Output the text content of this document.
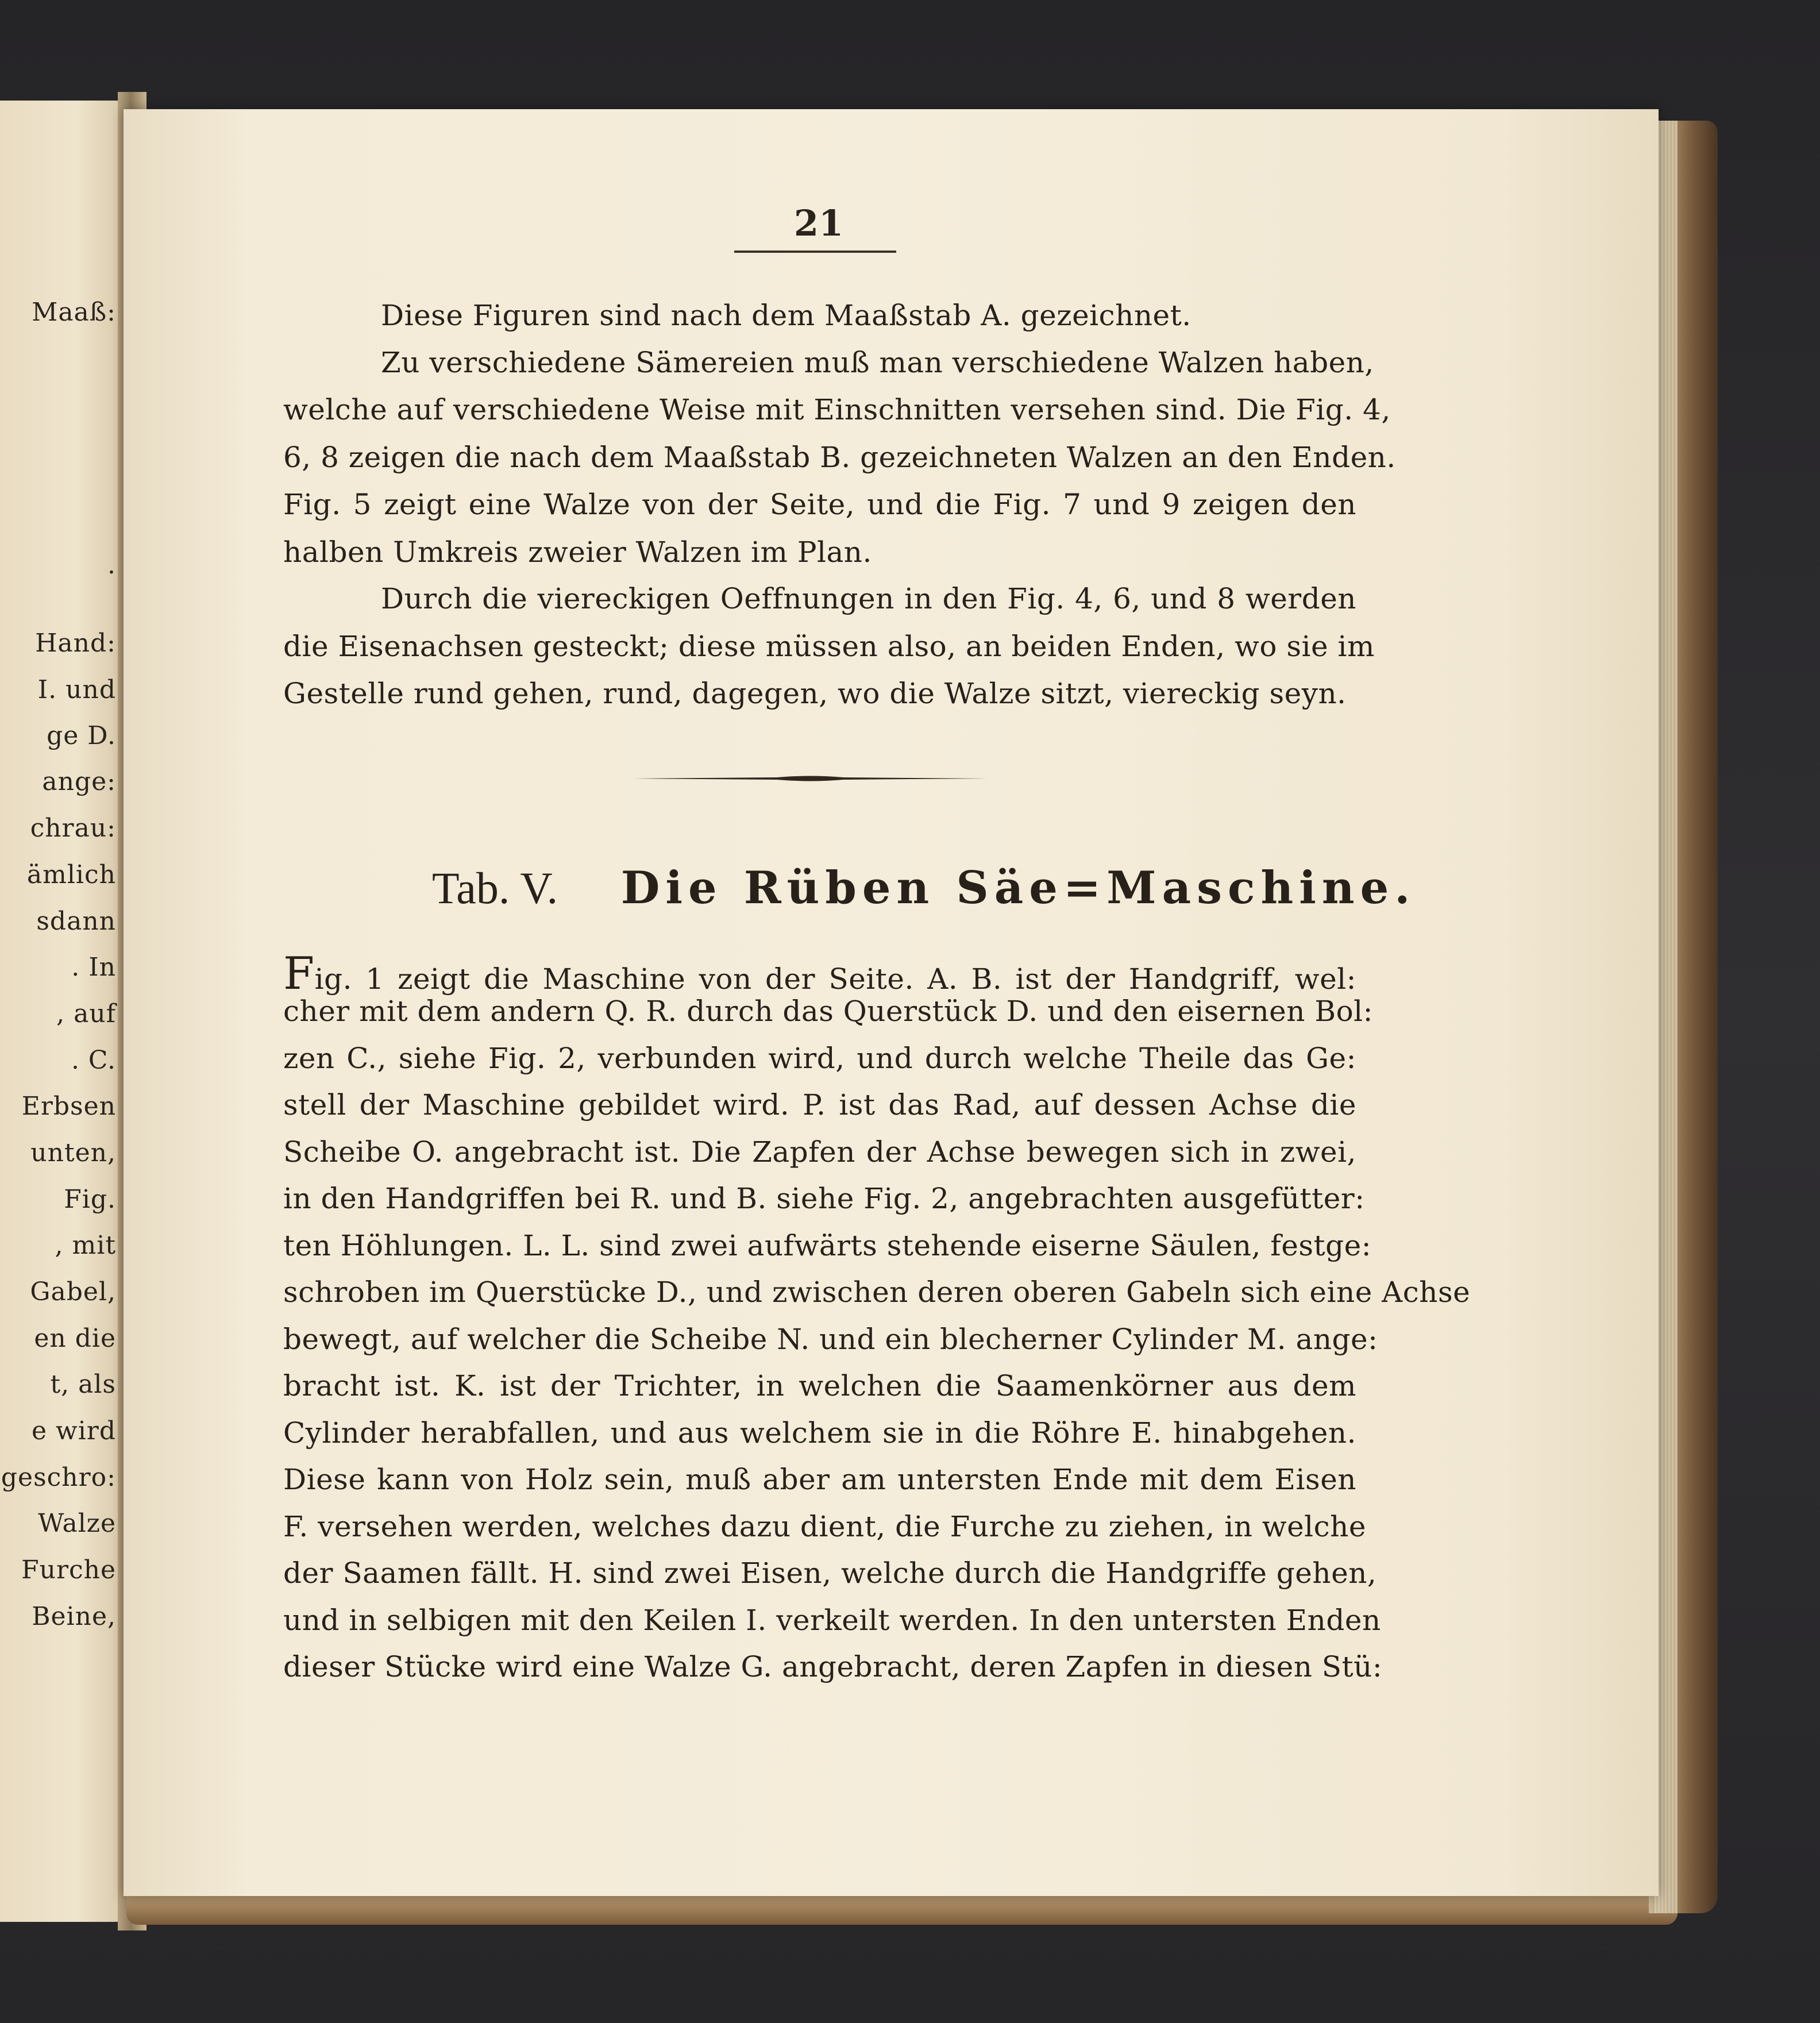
Maaß:
.
Hand:
I. und
ge D.
ange:
chrau:
ämlich
sdann
. In
, auf
. C.
Erbsen
unten,
Fig.
, mit
Gabel,
en die
t, als
e wird
geschro:
Walze
Furche
Beine,
21
Diese Figuren sind nach dem Maaßstab A. gezeichnet.
Zu verschiedene Sämereien muß man verschiedene Walzen haben,
welche auf verschiedene Weise mit Einschnitten versehen sind. Die Fig. 4,
6, 8 zeigen die nach dem Maaßstab B. gezeichneten Walzen an den Enden.
Fig. 5 zeigt eine Walze von der Seite, und die Fig. 7 und 9 zeigen den
halben Umkreis zweier Walzen im Plan.
Durch die viereckigen Oeffnungen in den Fig. 4, 6, und 8 werden
die Eisenachsen gesteckt; diese müssen also, an beiden Enden, wo sie im
Gestelle rund gehen, rund, dagegen, wo die Walze sitzt, viereckig seyn.
Tab. V. Die Rüben Säe=Maschine.
Fig. 1 zeigt die Maschine von der Seite. A. B. ist der Handgriff, wel:
cher mit dem andern Q. R. durch das Querstück D. und den eisernen Bol:
zen C., siehe Fig. 2, verbunden wird, und durch welche Theile das Ge:
stell der Maschine gebildet wird. P. ist das Rad, auf dessen Achse die
Scheibe O. angebracht ist. Die Zapfen der Achse bewegen sich in zwei,
in den Handgriffen bei R. und B. siehe Fig. 2, angebrachten ausgefütter:
ten Höhlungen. L. L. sind zwei aufwärts stehende eiserne Säulen, festge:
schroben im Querstücke D., und zwischen deren oberen Gabeln sich eine Achse
bewegt, auf welcher die Scheibe N. und ein blecherner Cylinder M. ange:
bracht ist. K. ist der Trichter, in welchen die Saamenkörner aus dem
Cylinder herabfallen, und aus welchem sie in die Röhre E. hinabgehen.
Diese kann von Holz sein, muß aber am untersten Ende mit dem Eisen
F. versehen werden, welches dazu dient, die Furche zu ziehen, in welche
der Saamen fällt. H. sind zwei Eisen, welche durch die Handgriffe gehen,
und in selbigen mit den Keilen I. verkeilt werden. In den untersten Enden
dieser Stücke wird eine Walze G. angebracht, deren Zapfen in diesen Stü:
